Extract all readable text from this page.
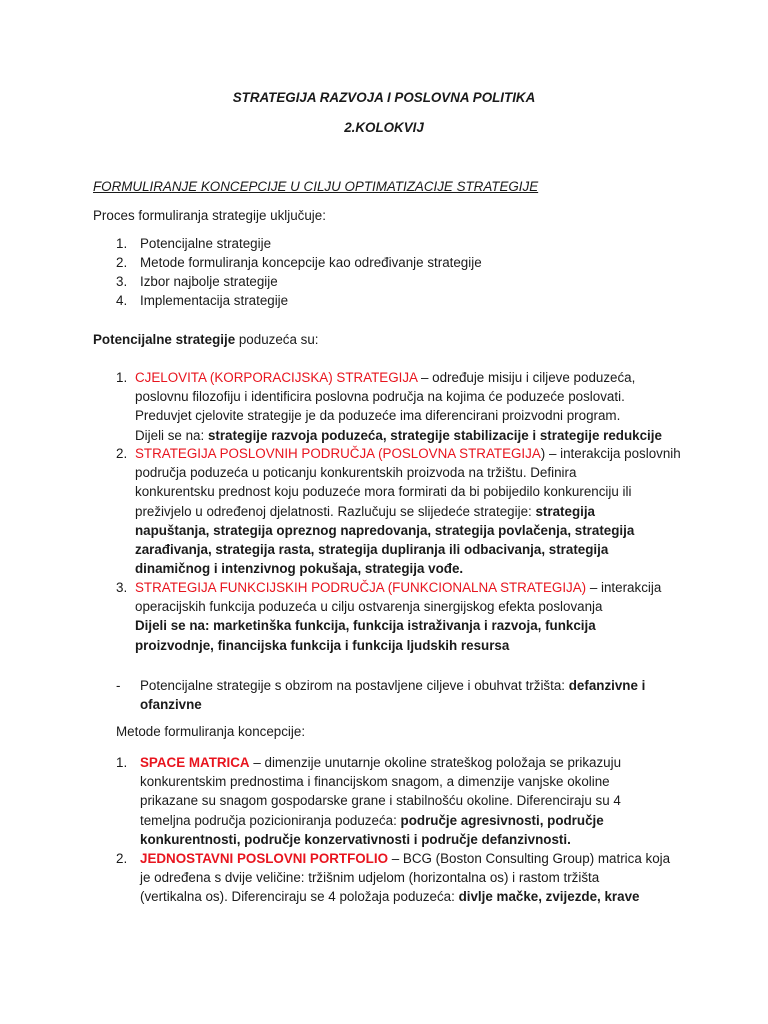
STRATEGIJA RAZVOJA I POSLOVNA POLITIKA
2.KOLOKVIJ
FORMULIRANJE KONCEPCIJE U CILJU OPTIMATIZACIJE STRATEGIJE
Proces formuliranja strategije uključuje:
1. Potencijalne strategije
2. Metode formuliranja koncepcije kao određivanje strategije
3. Izbor najbolje strategije
4. Implementacija strategije
Potencijalne strategije poduzeća su:
1. CJELOVITA (KORPORACIJSKA) STRATEGIJA – određuje misiju i ciljeve poduzeća,
poslovnu filozofiju i identificira poslovna područja na kojima će poduzeće poslovati.
Preduvjet cjelovite strategije je da poduzeće ima diferencirani proizvodni program.
Dijeli se na: strategije razvoja poduzeća, strategije stabilizacije i strategije redukcije
2. STRATEGIJA POSLOVNIH PODRUČJA (POSLOVNA STRATEGIJA) – interakcija poslovnih
područja poduzeća u poticanju konkurentskih proizvoda na tržištu. Definira
konkurentsku prednost koju poduzeće mora formirati da bi pobijedilo konkurenciju ili
preživjelo u određenoj djelatnosti. Razlučuju se slijedeće strategije: strategija
napuštanja, strategija opreznog napredovanja, strategija povlačenja, strategija
zarađivanja, strategija rasta, strategija dupliranja ili odbacivanja, strategija
dinamičnog i intenzivnog pokušaja, strategija vođe.
3. STRATEGIJA FUNKCIJSKIH PODRUČJA (FUNKCIONALNA STRATEGIJA) – interakcija
operacijskih funkcija poduzeća u cilju ostvarenja sinergijskog efekta poslovanja
Dijeli se na: marketinška funkcija, funkcija istraživanja i razvoja, funkcija
proizvodnje, financijska funkcija i funkcija ljudskih resursa
- Potencijalne strategije s obzirom na postavljene ciljeve i obuhvat tržišta: defanzivne i
ofanzivne
Metode formuliranja koncepcije:
1. SPACE MATRICA – dimenzije unutarnje okoline strateškog položaja se prikazuju
konkurentskim prednostima i financijskom snagom, a dimenzije vanjske okoline
prikazane su snagom gospodarske grane i stabilnošću okoline. Diferenciraju su 4
temeljna područja pozicioniranja poduzeća: područje agresivnosti, područje
konkurentnosti, područje konzervativnosti i područje defanzivnosti.
2. JEDNOSTAVNI POSLOVNI PORTFOLIO – BCG (Boston Consulting Group) matrica koja
je određena s dvije veličine: tržišnim udjelom (horizontalna os) i rastom tržišta
(vertikalna os). Diferenciraju se 4 položaja poduzeća: divlje mačke, zvijezde, krave
